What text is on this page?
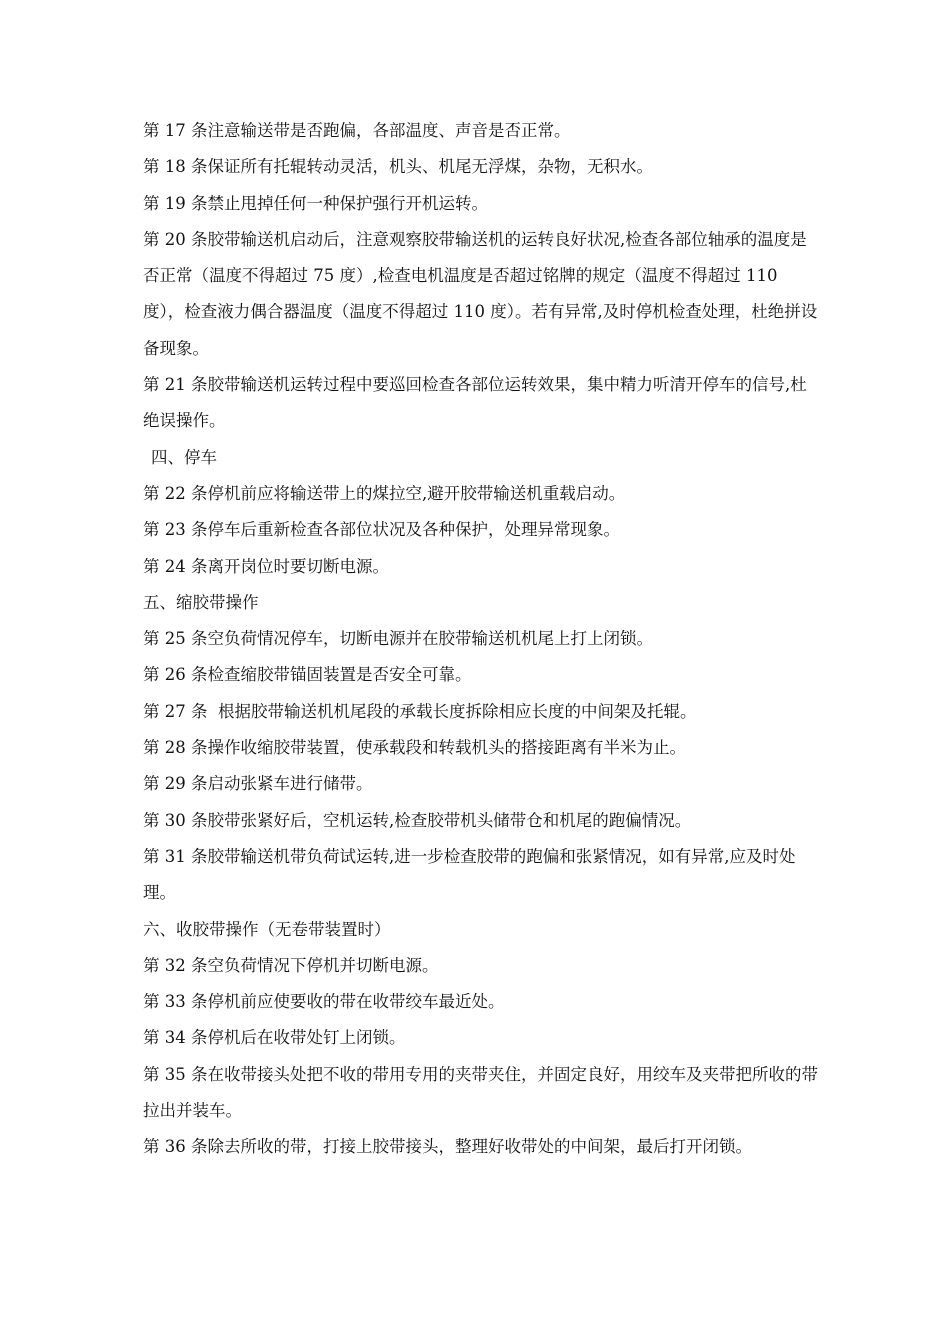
第 17 条注意输送带是否跑偏，各部温度、声音是否正常。

第 18 条保证所有托辊转动灵活，机头、机尾无浮煤，杂物，无积水。

第 19 条禁止甩掉任何一种保护强行开机运转。

第 20 条胶带输送机启动后，注意观察胶带输送机的运转良好状况,检查各部位轴承的温度是否正常（温度不得超过 75 度）,检查电机温度是否超过铭牌的规定（温度不得超过 110 度），检查液力偶合器温度（温度不得超过 110 度）。若有异常,及时停机检查处理，杜绝拼设备现象。

第 21 条胶带输送机运转过程中要巡回检查各部位运转效果，集中精力听清开停车的信号,杜绝误操作。

四、停车

第 22 条停机前应将输送带上的煤拉空,避开胶带输送机重载启动。

第 23 条停车后重新检查各部位状况及各种保护，处理异常现象。

第 24 条离开岗位时要切断电源。

五、缩胶带操作

第 25 条空负荷情况停车，切断电源并在胶带输送机机尾上打上闭锁。

第 26 条检查缩胶带锚固装置是否安全可靠。

第 27 条  根据胶带输送机机尾段的承载长度拆除相应长度的中间架及托辊。

第 28 条操作收缩胶带装置，使承载段和转载机头的搭接距离有半米为止。

第 29 条启动张紧车进行储带。

第 30 条胶带张紧好后，空机运转,检查胶带机头储带仓和机尾的跑偏情况。

第 31 条胶带输送机带负荷试运转,进一步检查胶带的跑偏和张紧情况，如有异常,应及时处理。

六、收胶带操作（无卷带装置时）

第 32 条空负荷情况下停机并切断电源。

第 33 条停机前应使要收的带在收带绞车最近处。

第 34 条停机后在收带处钉上闭锁。

第 35 条在收带接头处把不收的带用专用的夹带夹住，并固定良好，用绞车及夹带把所收的带拉出并装车。

第 36 条除去所收的带，打接上胶带接头，整理好收带处的中间架，最后打开闭锁。
